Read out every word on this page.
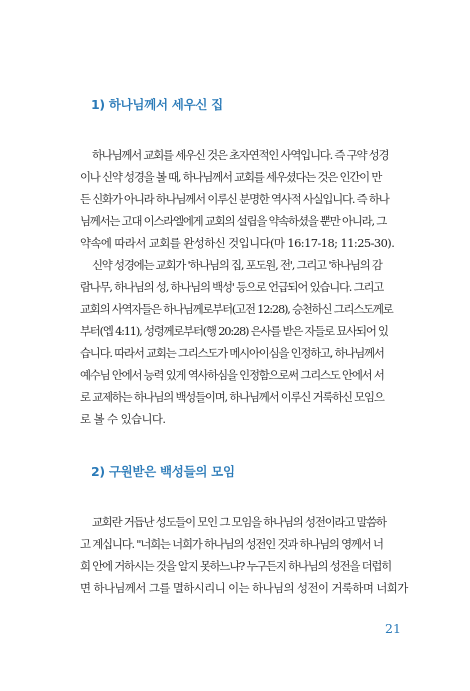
1) 하나님께서 세우신 집
하나님께서 교회를 세우신 것은 초자연적인 사역입니다. 즉 구약 성경
이나 신약 성경을 볼 때, 하나님께서 교회를 세우셨다는 것은 인간이 만
든 신화가 아니라 하나님께서 이루신 분명한 역사적 사실입니다. 즉 하나
님께서는 고대 이스라엘에게 교회의 설립을 약속하셨을 뿐만 아니라, 그
약속에 따라서 교회를 완성하신 것입니다(마 16:17-18; 11:25-30).
신약 성경에는 교회가 '하나님의 집, 포도원, 전', 그리고 '하나님의 감
람나무, 하나님의 성, 하나님의 백성' 등으로 언급되어 있습니다. 그리고
교회의 사역자들은 하나님께로부터(고전 12:28), 승천하신 그리스도께로
부터(엡 4:11), 성령께로부터(행 20:28) 은사를 받은 자들로 묘사되어 있
습니다. 따라서 교회는 그리스도가 메시아이심을 인정하고, 하나님께서
예수님 안에서 능력 있게 역사하심을 인정함으로써 그리스도 안에서 서
로 교제하는 하나님의 백성들이며, 하나님께서 이루신 거룩하신 모임으
로 볼 수 있습니다.
2) 구원받은 백성들의 모임
교회란 거듭난 성도들이 모인 그 모임을 하나님의 성전이라고 말씀하
고 계십니다. "너희는 너희가 하나님의 성전인 것과 하나님의 영께서 너
희 안에 거하시는 것을 알지 못하느냐? 누구든지 하나님의 성전을 더럽히
면 하나님께서 그를 멸하시리니 이는 하나님의 성전이 거룩하며 너희가
21
